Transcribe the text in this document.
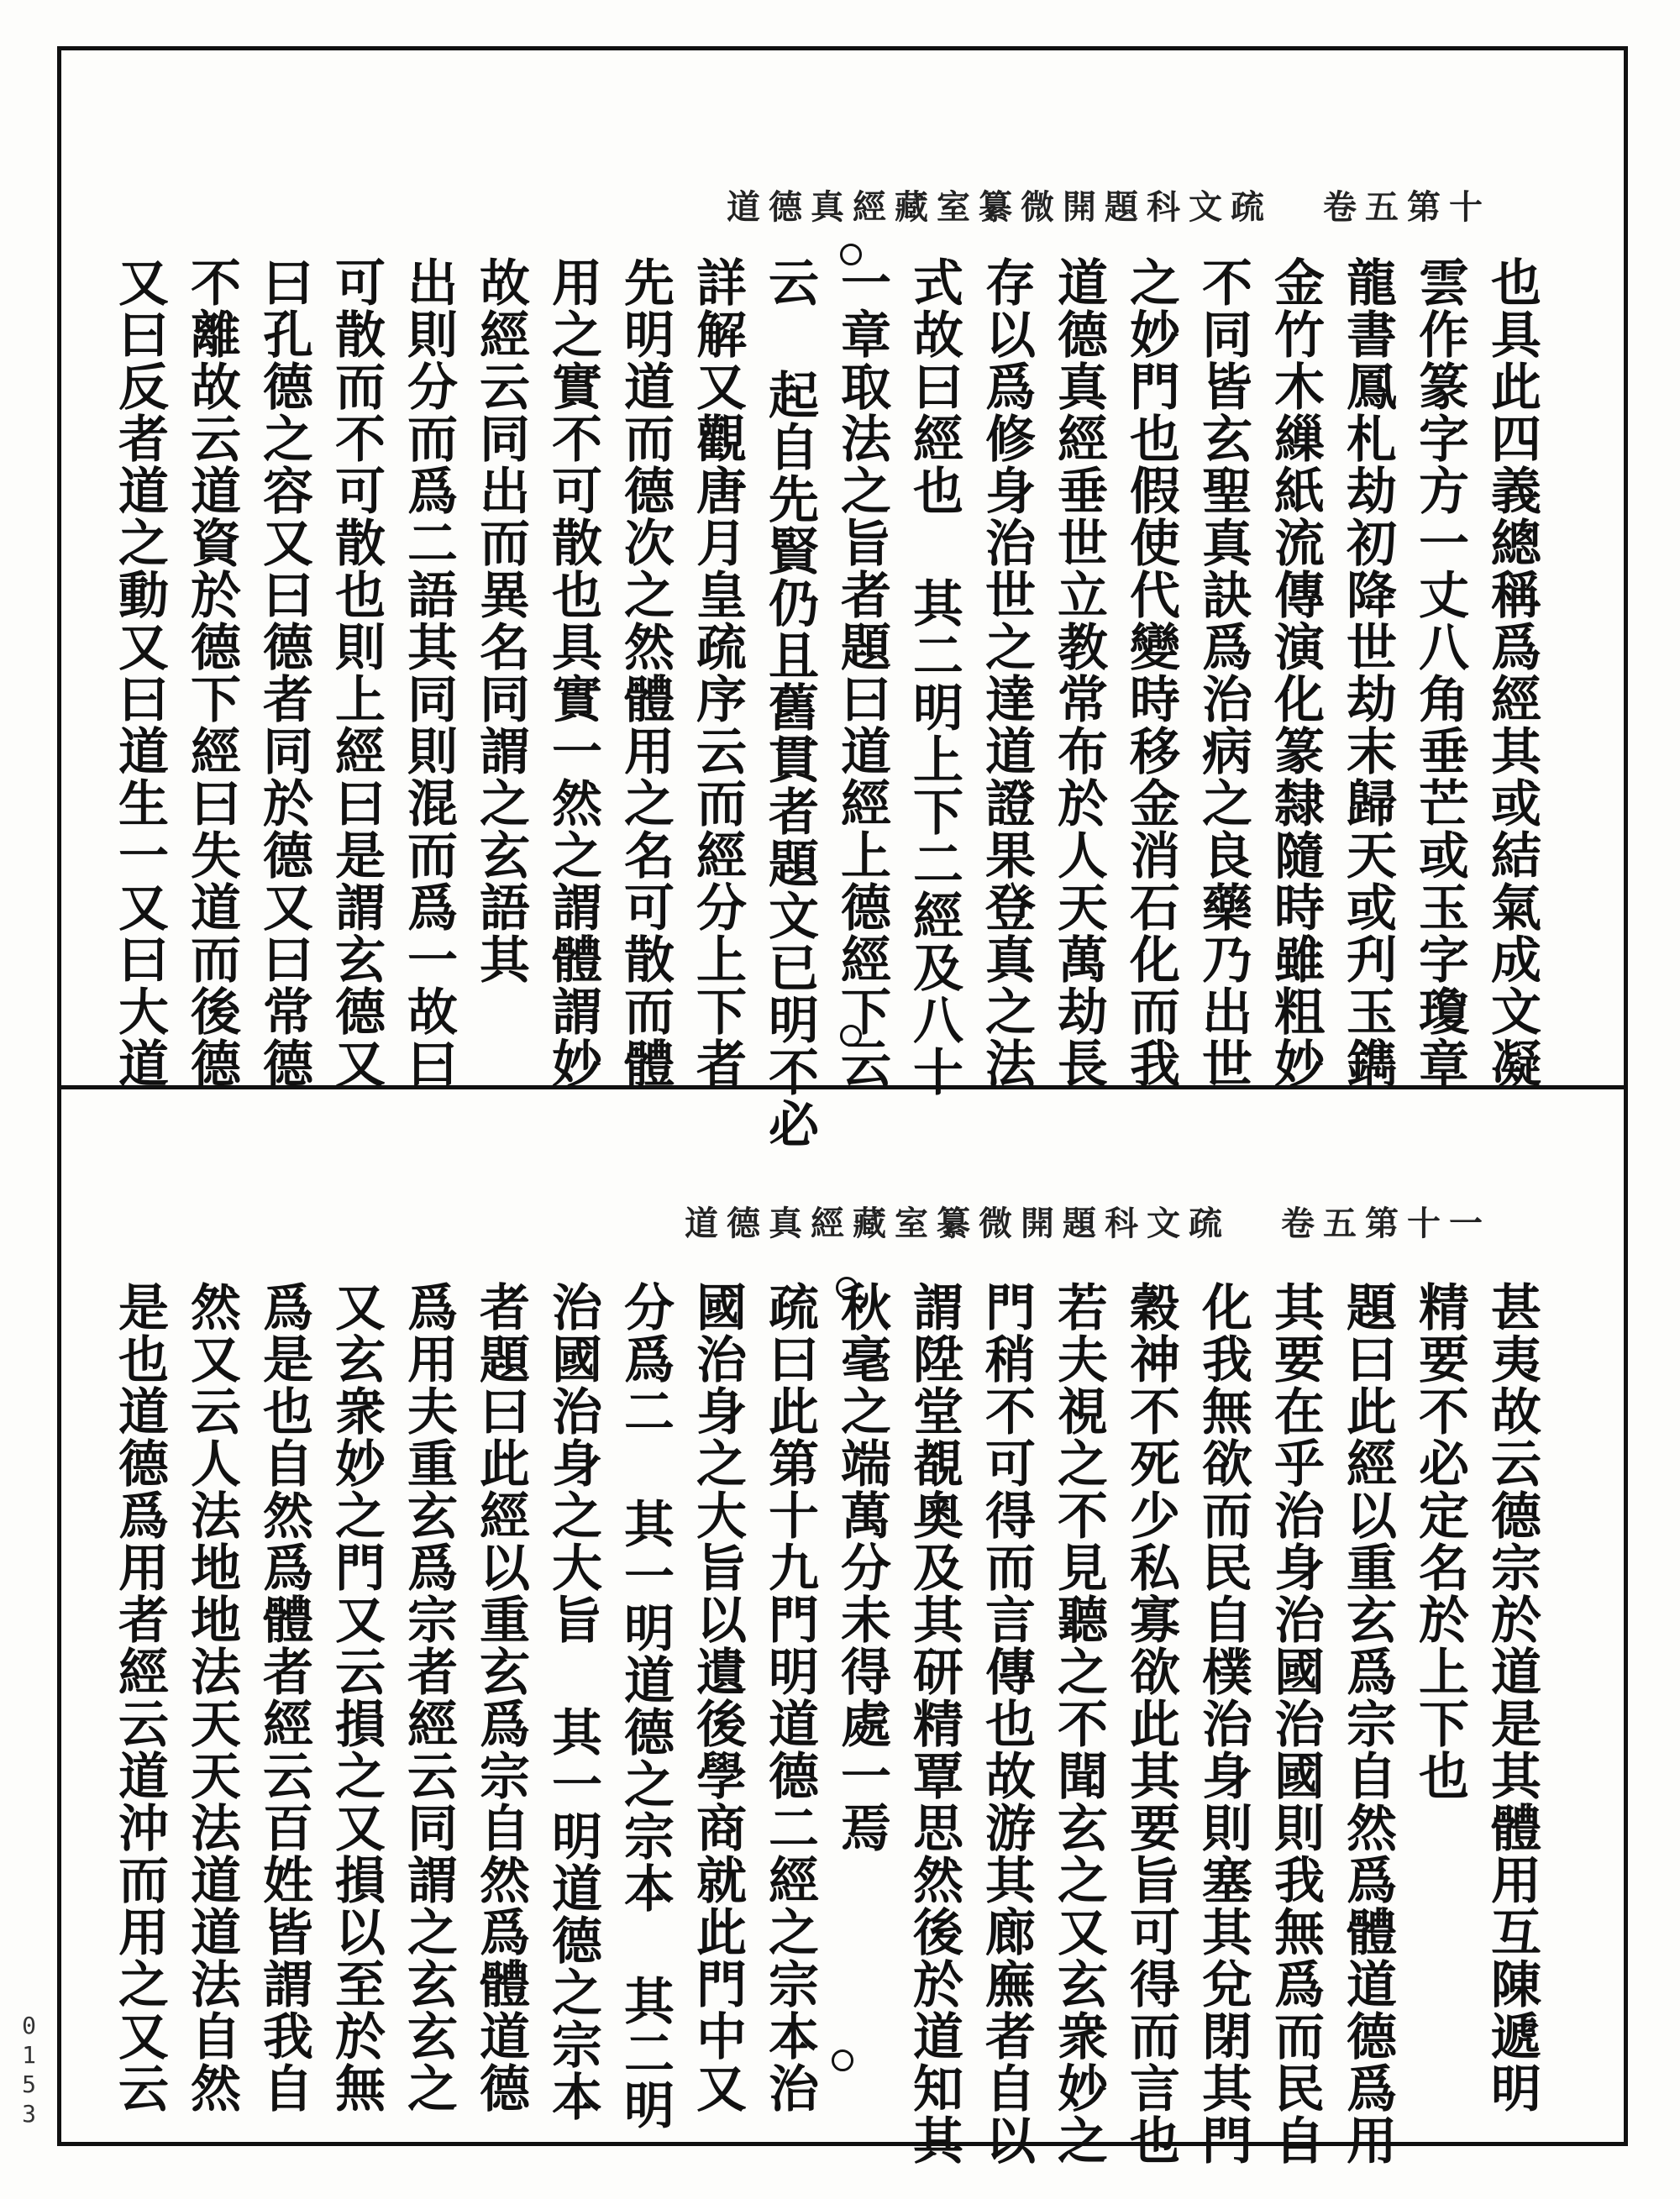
道德真經藏室纂微開題科文疏 卷五第十
也具此四義總稱爲經其或結氣成文凝
雲作篆字方一丈八角垂芒或玉字瓊章
龍書鳳札劫初降世劫末歸天或刋玉鐫
金竹木繅紙流傳演化篆隸隨時雖粗妙
不同皆玄聖真訣爲治病之良藥乃出世
之妙門也假使代變時移金消石化而我
道德真經垂世立教常布於人天萬劫長
存以爲修身治世之達道證果登真之法
式故曰經也 其二明上下二經及八十
一章取法之旨者題曰道經上德經下云
云 起自先賢仍且舊貫者題文已明不必
詳解又觀唐月皇疏序云而經分上下者
先明道而德次之然體用之名可散而體
用之實不可散也具實一然之謂體謂妙
故經云同出而異名同謂之玄語其
出則分而爲二語其同則混而爲一故曰
可散而不可散也則上經曰是謂玄德又
曰孔德之容又曰德者同於德又曰常德
不離故云道資於德下經曰失道而後德
又曰反者道之動又曰道生一又曰大道
道德真經藏室纂微開題科文疏 卷五第十一
甚夷故云德宗於道是其體用互陳遞明
精要不必定名於上下也
題曰此經以重玄爲宗自然爲體道德爲用
其要在乎治身治國治國則我無爲而民自
化我無欲而民自樸治身則塞其兌閉其門
穀神不死少私寡欲此其要旨可得而言也
若夫視之不見聽之不聞玄之又玄衆妙之
門稍不可得而言傳也故游其廊廡者自以
謂陞堂覩奧及其研精覃思然後於道知其
秋毫之端萬分未得處一焉
疏曰此第十九門明道德二經之宗本治
國治身之大旨以遺後學商就此門中又
分爲二 其一明道德之宗本 其二明
治國治身之大旨 其一明道德之宗本
者題曰此經以重玄爲宗自然爲體道德
爲用夫重玄爲宗者經云同謂之玄玄之
又玄衆妙之門又云損之又損以至於無
爲是也自然爲體者經云百姓皆謂我自
然又云人法地地法天天法道道法自然
是也道德爲用者經云道沖而用之又云
0153
